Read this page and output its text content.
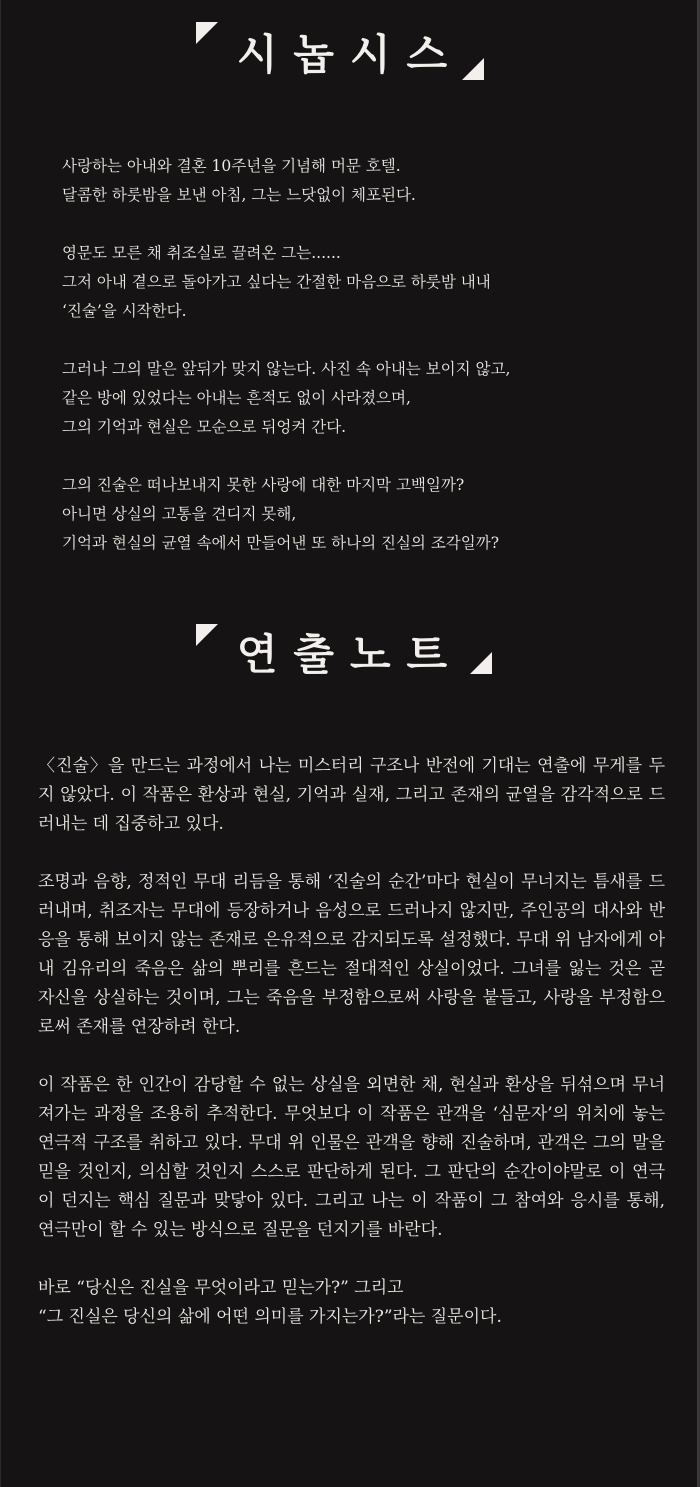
시놉시스

사랑하는 아내와 결혼 10주년을 기념해 머문 호텔.
달콤한 하룻밤을 보낸 아침, 그는 느닷없이 체포된다.

영문도 모른 채 취조실로 끌려온 그는......
그저 아내 곁으로 돌아가고 싶다는 간절한 마음으로 하룻밤 내내
‘진술’을 시작한다.

그러나 그의 말은 앞뒤가 맞지 않는다. 사진 속 아내는 보이지 않고,
같은 방에 있었다는 아내는 흔적도 없이 사라졌으며,
그의 기억과 현실은 모순으로 뒤엉켜 간다.

그의 진술은 떠나보내지 못한 사랑에 대한 마지막 고백일까?
아니면 상실의 고통을 견디지 못해,
기억과 현실의 균열 속에서 만들어낸 또 하나의 진실의 조각일까?

연출노트

〈진술〉을 만드는 과정에서 나는 미스터리 구조나 반전에 기대는 연출에 무게를 두지 않았다. 이 작품은 환상과 현실, 기억과 실재, 그리고 존재의 균열을 감각적으로 드러내는 데 집중하고 있다.

조명과 음향, 정적인 무대 리듬을 통해 ‘진술의 순간’마다 현실이 무너지는 틈새를 드러내며, 취조자는 무대에 등장하거나 음성으로 드러나지 않지만, 주인공의 대사와 반응을 통해 보이지 않는 존재로 은유적으로 감지되도록 설정했다. 무대 위 남자에게 아내 김유리의 죽음은 삶의 뿌리를 흔드는 절대적인 상실이었다. 그녀를 잃는 것은 곧 자신을 상실하는 것이며, 그는 죽음을 부정함으로써 사랑을 붙들고, 사랑을 부정함으로써 존재를 연장하려 한다.

이 작품은 한 인간이 감당할 수 없는 상실을 외면한 채, 현실과 환상을 뒤섞으며 무너져가는 과정을 조용히 추적한다. 무엇보다 이 작품은 관객을 ‘심문자’의 위치에 놓는 연극적 구조를 취하고 있다. 무대 위 인물은 관객을 향해 진술하며, 관객은 그의 말을 믿을 것인지, 의심할 것인지 스스로 판단하게 된다. 그 판단의 순간이야말로 이 연극이 던지는 핵심 질문과 맞닿아 있다. 그리고 나는 이 작품이 그 참여와 응시를 통해, 연극만이 할 수 있는 방식으로 질문을 던지기를 바란다.

바로 “당신은 진실을 무엇이라고 믿는가?” 그리고
“그 진실은 당신의 삶에 어떤 의미를 가지는가?”라는 질문이다.
